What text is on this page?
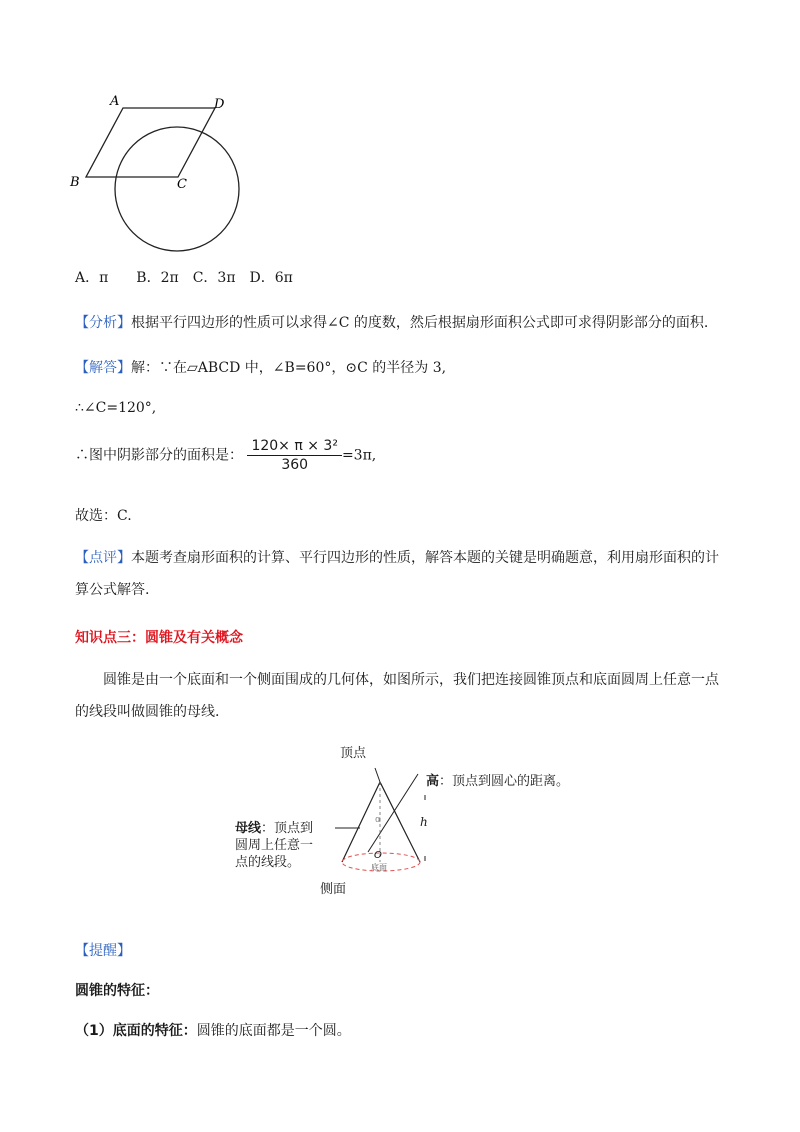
A	D
B	C
A．π　　B．2π　C．3π　D．6π
【分析】根据平行四边形的性质可以求得∠C 的度数，然后根据扇形面积公式即可求得阴影部分的面积.
【解答】解：∵在▱ABCD 中，∠B=60°，⊙C 的半径为 3,
∴∠C=120°,
∴图中阴影部分的面积是： $\frac{\text{120× π × 3²}}{360} =3\pi$,
故选：C.
【点评】本题考查扇形面积的计算、平行四边形的性质，解答本题的关键是明确题意，利用扇形面积的计
算公式解答.
知识点三：圆锥及有关概念
圆锥是由一个底面和一个侧面围成的几何体，如图所示，我们把连接圆锥顶点和底面圆周上任意一点
的线段叫做圆锥的母线.
顶点
高：顶点到圆心的距离。
h
α
O
底面
母线：顶点到
圆周上任意一
点的线段。
侧面
【提醒】
圆锥的特征：
（1）底面的特征：圆锥的底面都是一个圆。
